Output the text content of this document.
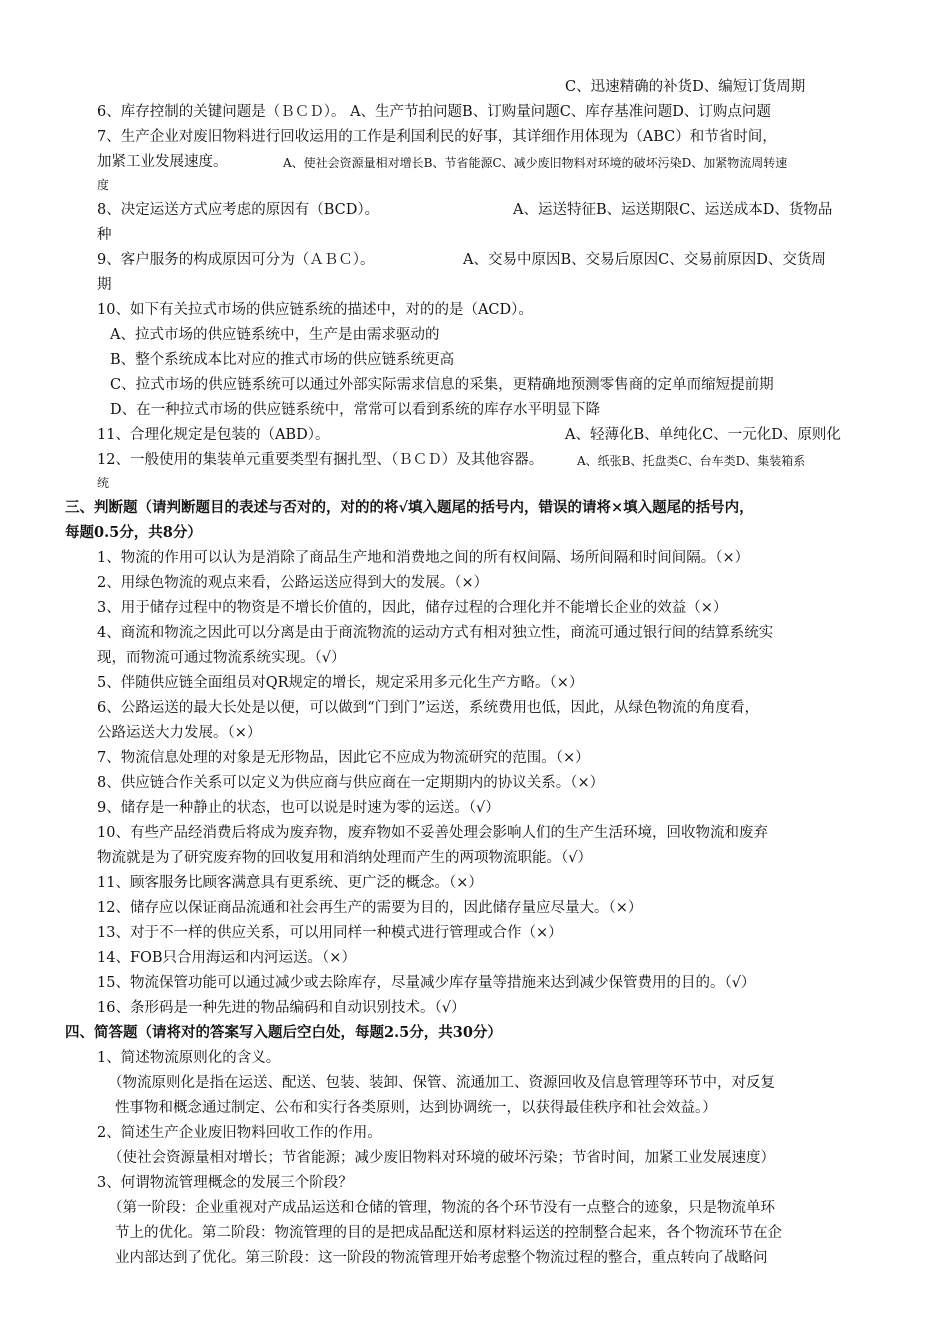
C、迅速精确的补货D、编短订货周期
6、库存控制的关键问题是（ＢＣＤ）。 A、生产节拍问题B、订购量问题C、库存基准问题D、订购点问题
7、生产企业对废旧物料进行回收运用的工作是利国利民的好事，其详细作用体现为（ABC）和节省时间，
加紧工业发展速度。	A、使社会资源量相对增长B、节省能源C、减少废旧物料对环境的破坏污染D、加紧物流周转速
度
8、决定运送方式应考虑的原因有（BCD）。	A、运送特征B、运送期限C、运送成本D、货物品
种
9、客户服务的构成原因可分为（ＡＢＣ）。	A、交易中原因B、交易后原因C、交易前原因D、交货周
期
10、如下有关拉式市场的供应链系统的描述中，对的的是（ACD）。
A、拉式市场的供应链系统中，生产是由需求驱动的
B、整个系统成本比对应的推式市场的供应链系统更高
C、拉式市场的供应链系统可以通过外部实际需求信息的采集，更精确地预测零售商的定单而缩短提前期
D、在一种拉式市场的供应链系统中，常常可以看到系统的库存水平明显下降
11、合理化规定是包装的（ABD）。	A、轻薄化B、单纯化C、一元化D、原则化
12、一般使用的集装单元重要类型有捆扎型、（ＢＣＤ）及其他容器。	A、纸张B、托盘类C、台车类D、集装箱系
统
三、判断题（请判断题目的表述与否对的，对的的将√填入题尾的括号内，错误的请将×填入题尾的括号内，
每题0.5分，共8分）
1、物流的作用可以认为是消除了商品生产地和消费地之间的所有权间隔、场所间隔和时间间隔。（×）
2、用绿色物流的观点来看，公路运送应得到大的发展。（×）
3、用于储存过程中的物资是不增长价值的，因此，储存过程的合理化并不能增长企业的效益（×）
4、商流和物流之因此可以分离是由于商流物流的运动方式有相对独立性，商流可通过银行间的结算系统实
现，而物流可通过物流系统实现。（√）
5、伴随供应链全面组员对QR规定的增长，规定采用多元化生产方略。（×）
6、公路运送的最大长处是以便，可以做到“门到门”运送，系统费用也低，因此，从绿色物流的角度看，
公路运送大力发展。（×）
7、物流信息处理的对象是无形物品，因此它不应成为物流研究的范围。（×）
8、供应链合作关系可以定义为供应商与供应商在一定期期内的协议关系。（×）
9、储存是一种静止的状态，也可以说是时速为零的运送。（√）
10、有些产品经消费后将成为废弃物，废弃物如不妥善处理会影响人们的生产生活环境，回收物流和废弃
物流就是为了研究废弃物的回收复用和消纳处理而产生的两项物流职能。（√）
11、顾客服务比顾客满意具有更系统、更广泛的概念。（×）
12、储存应以保证商品流通和社会再生产的需要为目的，因此储存量应尽量大。（×）
13、对于不一样的供应关系，可以用同样一种模式进行管理或合作（×）
14、FOB只合用海运和内河运送。（×）
15、物流保管功能可以通过减少或去除库存，尽量减少库存量等措施来达到减少保管费用的目的。（√）
16、条形码是一种先进的物品编码和自动识别技术。（√）
四、简答题（请将对的答案写入题后空白处，每题2.5分，共30分）
1、简述物流原则化的含义。
（物流原则化是指在运送、配送、包装、装卸、保管、流通加工、资源回收及信息管理等环节中，对反复
性事物和概念通过制定、公布和实行各类原则，达到协调统一，以获得最佳秩序和社会效益。）
2、简述生产企业废旧物料回收工作的作用。
（使社会资源量相对增长；节省能源；减少废旧物料对环境的破坏污染；节省时间，加紧工业发展速度）
3、何谓物流管理概念的发展三个阶段？
（第一阶段：企业重视对产成品运送和仓储的管理，物流的各个环节没有一点整合的迹象，只是物流单环
节上的优化。第二阶段：物流管理的目的是把成品配送和原材料运送的控制整合起来，各个物流环节在企
业内部达到了优化。第三阶段：这一阶段的物流管理开始考虑整个物流过程的整合，重点转向了战略问
